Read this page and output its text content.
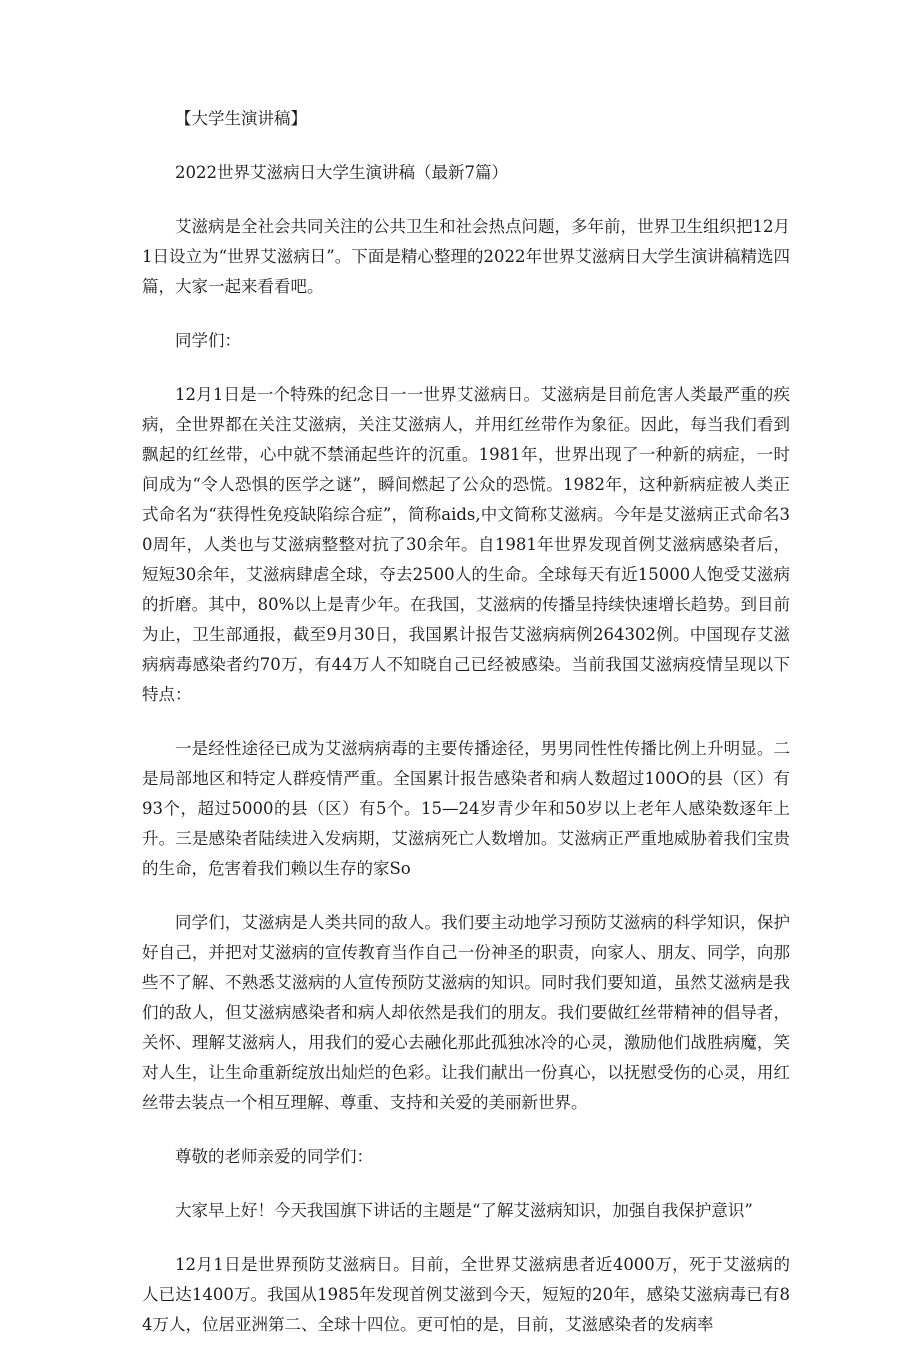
【大学生演讲稿】

2022世界艾滋病日大学生演讲稿（最新7篇）

艾滋病是全社会共同关注的公共卫生和社会热点问题，多年前，世界卫生组织把12月1日设立为“世界艾滋病日”。下面是精心整理的2022年世界艾滋病日大学生演讲稿精选四篇，大家一起来看看吧。

同学们：

12月1日是一个特殊的纪念日一一世界艾滋病日。艾滋病是目前危害人类最严重的疾病，全世界都在关注艾滋病，关注艾滋病人，并用红丝带作为象征。因此，每当我们看到飘起的红丝带，心中就不禁涌起些许的沉重。1981年，世界出现了一种新的病症，一时间成为“令人恐惧的医学之谜”，瞬间燃起了公众的恐慌。1982年，这种新病症被人类正式命名为“获得性免疫缺陷综合症”，简称aids,中文简称艾滋病。今年是艾滋病正式命名30周年，人类也与艾滋病整整对抗了30余年。自1981年世界发现首例艾滋病感染者后，短短30余年，艾滋病肆虐全球，夺去2500人的生命。全球每天有近15000人饱受艾滋病的折磨。其中，80%以上是青少年。在我国，艾滋病的传播呈持续快速增长趋势。到目前为止，卫生部通报，截至9月30日，我国累计报告艾滋病病例264302例。中国现存艾滋病病毒感染者约70万，有44万人不知晓自己已经被感染。当前我国艾滋病疫情呈现以下特点：

一是经性途径已成为艾滋病病毒的主要传播途径，男男同性性传播比例上升明显。二是局部地区和特定人群疫情严重。全国累计报告感染者和病人数超过100O的县（区）有93个，超过5000的县（区）有5个。15—24岁青少年和50岁以上老年人感染数逐年上升。三是感染者陆续进入发病期，艾滋病死亡人数增加。艾滋病正严重地威胁着我们宝贵的生命，危害着我们赖以生存的家So

同学们，艾滋病是人类共同的敌人。我们要主动地学习预防艾滋病的科学知识，保护好自己，并把对艾滋病的宣传教育当作自己一份神圣的职责，向家人、朋友、同学，向那些不了解、不熟悉艾滋病的人宣传预防艾滋病的知识。同时我们要知道，虽然艾滋病是我们的敌人，但艾滋病感染者和病人却依然是我们的朋友。我们要做红丝带精神的倡导者，关怀、理解艾滋病人，用我们的爱心去融化那此孤独冰冷的心灵，激励他们战胜病魔，笑对人生，让生命重新绽放出灿烂的色彩。让我们献出一份真心，以抚慰受伤的心灵，用红丝带去装点一个相互理解、尊重、支持和关爱的美丽新世界。

尊敬的老师亲爱的同学们：

大家早上好！今天我国旗下讲话的主题是“了解艾滋病知识，加强自我保护意识”

12月1日是世界预防艾滋病日。目前，全世界艾滋病患者近4000万，死于艾滋病的人已达1400万。我国从1985年发现首例艾滋到今天，短短的20年，感染艾滋病毒已有84万人，位居亚洲第二、全球十四位。更可怕的是，目前，艾滋感染者的发病率
